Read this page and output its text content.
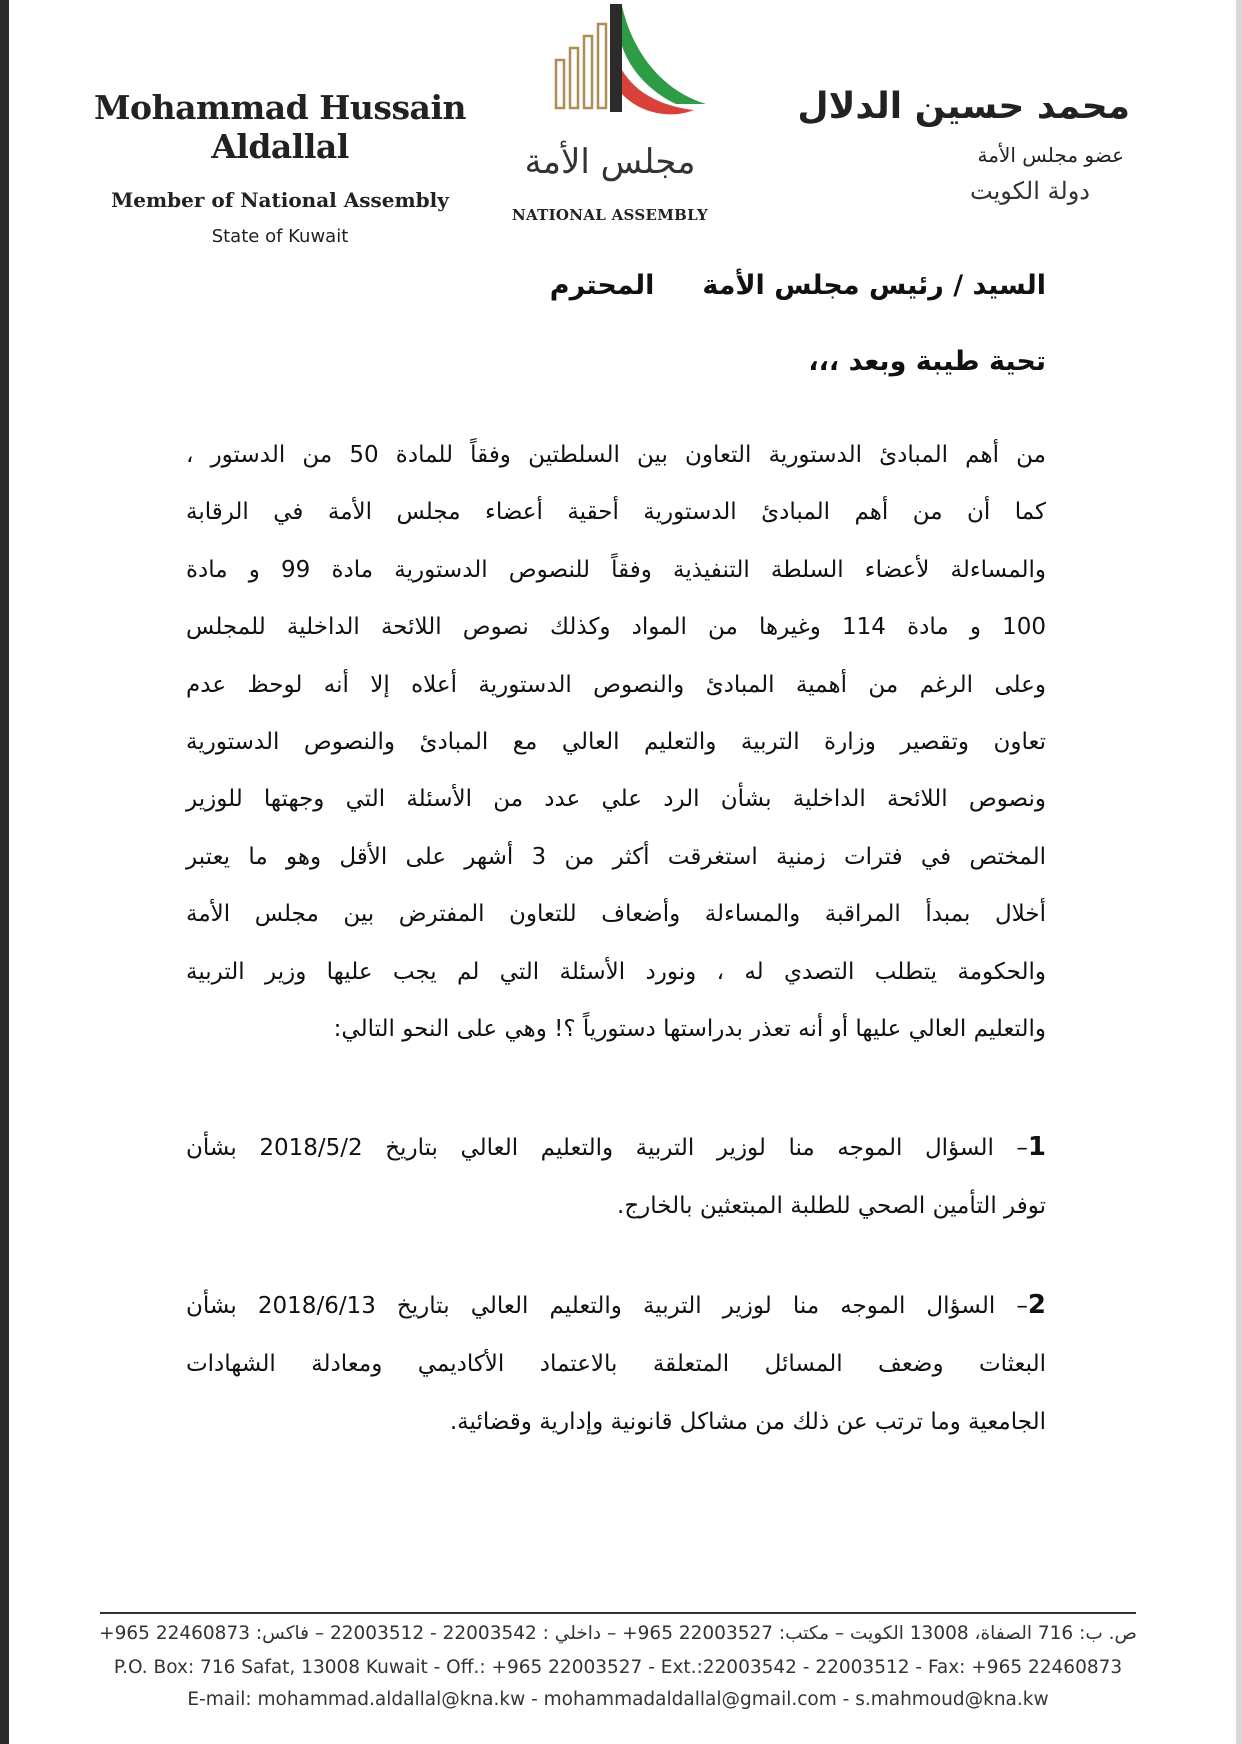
Mohammad Hussain Aldallal
Member of National Assembly
State of Kuwait
مجلس الأمة
NATIONAL ASSEMBLY
محمد حسين الدلال
عضو مجلس الأمة
دولة الكويت
السيد / رئيس مجلس الأمةالمحترم
تحية طيبة وبعد ،،،

من أهم المبادئ الدستورية التعاون بين السلطتين وفقاً للمادة 50 من الدستور ،

كما أن من أهم المبادئ الدستورية أحقية أعضاء مجلس الأمة في الرقابة

والمساءلة لأعضاء السلطة التنفيذية وفقاً للنصوص الدستورية مادة 99 و مادة

100 و مادة 114 وغيرها من المواد وكذلك نصوص اللائحة الداخلية للمجلس

وعلى الرغم من أهمية المبادئ والنصوص الدستورية أعلاه إلا أنه لوحظ عدم

تعاون وتقصير وزارة التربية والتعليم العالي مع المبادئ والنصوص الدستورية

ونصوص اللائحة الداخلية بشأن الرد علي عدد من الأسئلة التي وجهتها للوزير

المختص في فترات زمنية استغرقت أكثر من 3 أشهر على الأقل وهو ما يعتبر

أخلال بمبدأ المراقبة والمساءلة وأضعاف للتعاون المفترض بين مجلس الأمة

والحكومة يتطلب التصدي له ، ونورد الأسئلة التي لم يجب عليها وزير التربية

والتعليم العالي عليها أو أنه تعذر بدراستها دستورياً ؟! وهي على النحو التالي:

1– السؤال الموجه منا لوزير التربية والتعليم العالي بتاريخ 2018/5/2 بشأن

توفر التأمين الصحي للطلبة المبتعثين بالخارج.

2– السؤال الموجه منا لوزير التربية والتعليم العالي بتاريخ 2018/6/13 بشأن

البعثات وضعف المسائل المتعلقة بالاعتماد الأكاديمي ومعادلة الشهادات

الجامعية وما ترتب عن ذلك من مشاكل قانونية وإدارية وقضائية.

ص. ب: 716 الصفاة، 13008 الكويت – مكتب: 22003527 965+ – داخلي : 22003542 - 22003512 – فاكس: 22460873 965+
P.O. Box: 716 Safat, 13008 Kuwait - Off.: +965 22003527 - Ext.:22003542 - 22003512 - Fax: +965 22460873
E-mail: mohammad.aldallal@kna.kw - mohammadaldallal@gmail.com - s.mahmoud@kna.kw
